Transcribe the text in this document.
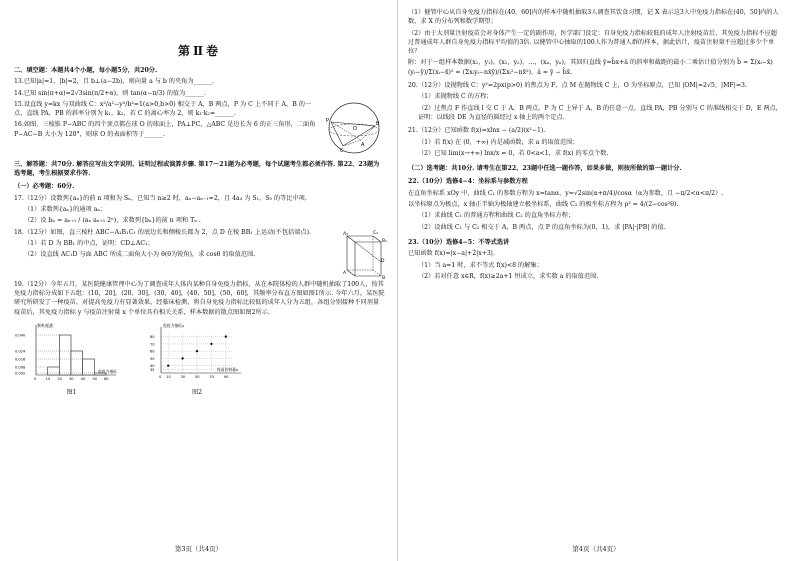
第Ⅱ卷

二、填空题：本题共4个小题，每小题5分，共20分.

13.已知|a|=1，|b|=2，且 b⊥(a−2b)，则向量 a 与 b 的夹角为______.

14.已知 sin(π+α)=2√3sin(π/2+α)，则 tan(α−π/3) 的值为______.

15.设直线 y=kx 与双曲线 C：x²/a²−y²/b²=1(a>0,b>0) 相交于 A，B 两点，P 为 C 上不同于 A，B 的一点，直线 PA，PB 的斜率分别为 k₁，k₂，若 C 的离心率为 2，则 k₁·k₂=______.

16.如图，三棱锥 P−ABC 的四个顶点都在球 O 的球面上，PA⊥PC，△ABC 是边长为 6 的正三角形，二面角 P−AC−B 大小为 120°，则球 O 的表面积等于______.

P
C
B
A
O

三、解答题：共70分. 解答应写出文字说明、证明过程或演算步骤. 第17～21题为必考题，每个试题考生都必须作答. 第22、23题为选考题，考生根据要求作答.

（一）必考题：60分.

17.（12分）设数列{aₙ}的前 n 项和为 Sₙ，已知当 n≥2 时，aₙ−aₙ₋₁=2，且 4a₃ 为 S₁，S₅ 的等比中项.

（1）求数列{aₙ}的通项 aₙ；

（2）设 bₙ = aₙ₊₁ / (aₙ aₙ₊₁ 2ⁿ)，求数列{bₙ}的前 n 项和 Tₙ .

18.（12分）如图，直三棱柱 ABC−A₁B₁C₁ 的底边长和侧棱长都为 2，点 D 在棱 BB₁ 上运动(不包括端点).

（1）若 D 为 BB₁ 的中点，证明：CD⊥AC₁；

（2）设直线 AC₁D 与面 ABC 所成二面角大小为 θ(θ为锐角)，求 cosθ 的取值范围.

A₁	C₁
B₁
A
D
B

19.（12分）今年五月，某医院健康管理中心为了调查成年人体内某种自身免疫力指标，从在本院体检的人群中随机抽取了100人，按其免疫力指标分成如下五组：(10，20]，(20，30]，(30，40]，(40，50]，(50，60]，其频率分布直方图如图1所示. 今年六月，某医院研究所研发了一种疫苗，对提高免疫力有显著效果，经临床检测，将自身免疫力指标比较低的成年人分为五组，各组分别接种不同剂量疫苗后，其免疫力指标 y 与疫苗注射量 x 个单位具有相关关系，样本数据的散点图如图2所示.

0.002
0.008
0.016
0.024
0.040
0	10 20 30 40 50 60
频率/组距
免疫力指标
图1
35
40
50
60
70
80
0 10	30	50	70	90
免疫力指标y
疫苗注射量x
图2
第3页（共4页）

（1）健管中心从自身免疫力指标在(40，60]内的样本中随机抽取3人调查其饮食习惯，记 X 表示这3人中免疫力指标在(40，50]内的人数，求 X 的分布列和数学期望；

（2）由于大剂量注射疫苗会对身体产生一定的副作用，医学部门设定：自身免疫力指标较低的成年人注射疫苗后，其免疫力指标不应超过普通成年人群自身免疫力指标平均值的3倍. 以健管中心抽取的100人作为普通人群的样本，据此估计，疫苗注射量不应超过多少个单位？

附：对于一组样本数据(x₁，y₁)，(x₂，y₂)，…，(xₙ，yₙ)，其回归直线 ŷ=b̂x+â 的斜率和截距的最小二乘估计值分别为 b̂ = Σ(xᵢ−x̄)(yᵢ−ȳ)/Σ(xᵢ−x̄)² = (Σxᵢyᵢ−nx̄ȳ)/(Σxᵢ²−nx̄²)，â = ȳ − b̂x̄.

20.（12分）设抛物线 C：y²=2px(p>0) 的焦点为 F，点 M 在抛物线 C 上，O 为坐标原点，已知 |OM|=2√5，|MF|=3.

（1）求抛物线 C 的方程；

（2）过焦点 F 作直线 l 交 C 于 A，B 两点，P 为 C 上异于 A，B 的任意一点，直线 PA，PB 分别与 C 的准线相交于 D，E 两点，证明：以线段 DE 为直径的圆经过 x 轴上的两个定点.

21.（12分）已知函数 f(x)=xlnx − (a/2)(x²−1).

（1）若 f(x) 在 (0，+∞) 内是减函数，求 a 的取值范围；

（2）已知 lim(x→+∞) lnx/x = 0，若 0<a<1，求 f(x) 的零点个数.

（二）选考题：共10分. 请考生在第22、23题中任选一题作答，如果多做，则按所做的第一题计分.

22.（10分）选修4−4：坐标系与参数方程

在直角坐标系 xOy 中，曲线 C₁ 的参数方程为 x=tanα，y=√2sin(α+π/4)/cosα（α为参数，且 −π/2<α<π/2）.

以坐标原点为极点，x 轴正半轴为极轴建立极坐标系，曲线 C₂ 的极坐标方程为 ρ² = 4/(2−cos²θ).

（1）求曲线 C₁ 的普通方程和曲线 C₂ 的直角坐标方程；

（2）设曲线 C₁ 与 C₂ 相交于 A，B 两点，点 P 的直角坐标为(0，1)，求 |PA|·|PB| 的值.

23.（10分）选修4−5：不等式选讲

已知函数 f(x)=|x−a|+2|x+3|.

（1）当 a=1 时，求不等式 f(x)<8 的解集；

（2）若对任意 x∈R，f(x)≥2a+1 恒成立，求实数 a 的取值范围.

第4页（共4页）
